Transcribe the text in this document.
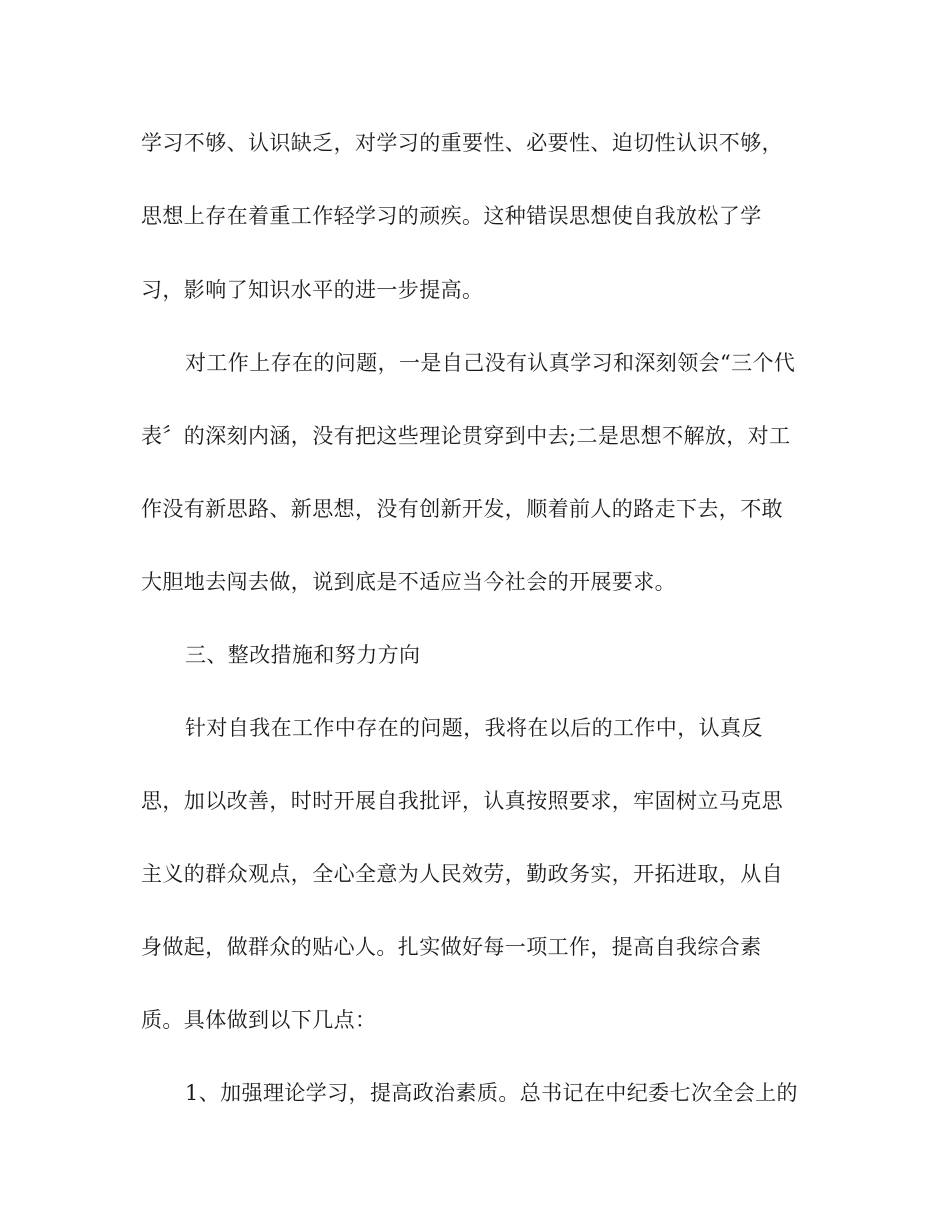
学习不够、认识缺乏，对学习的重要性、必要性、迫切性认识不够，
思想上存在着重工作轻学习的顽疾。这种错误思想使自我放松了学
习，影响了知识水平的进一步提高。
对工作上存在的问题，一是自己没有认真学习和深刻领会“三个代
表〞的深刻内涵，没有把这些理论贯穿到中去;二是思想不解放，对工
作没有新思路、新思想，没有创新开发，顺着前人的路走下去，不敢
大胆地去闯去做，说到底是不适应当今社会的开展要求。
三、整改措施和努力方向
针对自我在工作中存在的问题，我将在以后的工作中，认真反
思，加以改善，时时开展自我批评，认真按照要求，牢固树立马克思
主义的群众观点，全心全意为人民效劳，勤政务实，开拓进取，从自
身做起，做群众的贴心人。扎实做好每一项工作，提高自我综合素
质。具体做到以下几点：
1、加强理论学习，提高政治素质。总书记在中纪委七次全会上的
